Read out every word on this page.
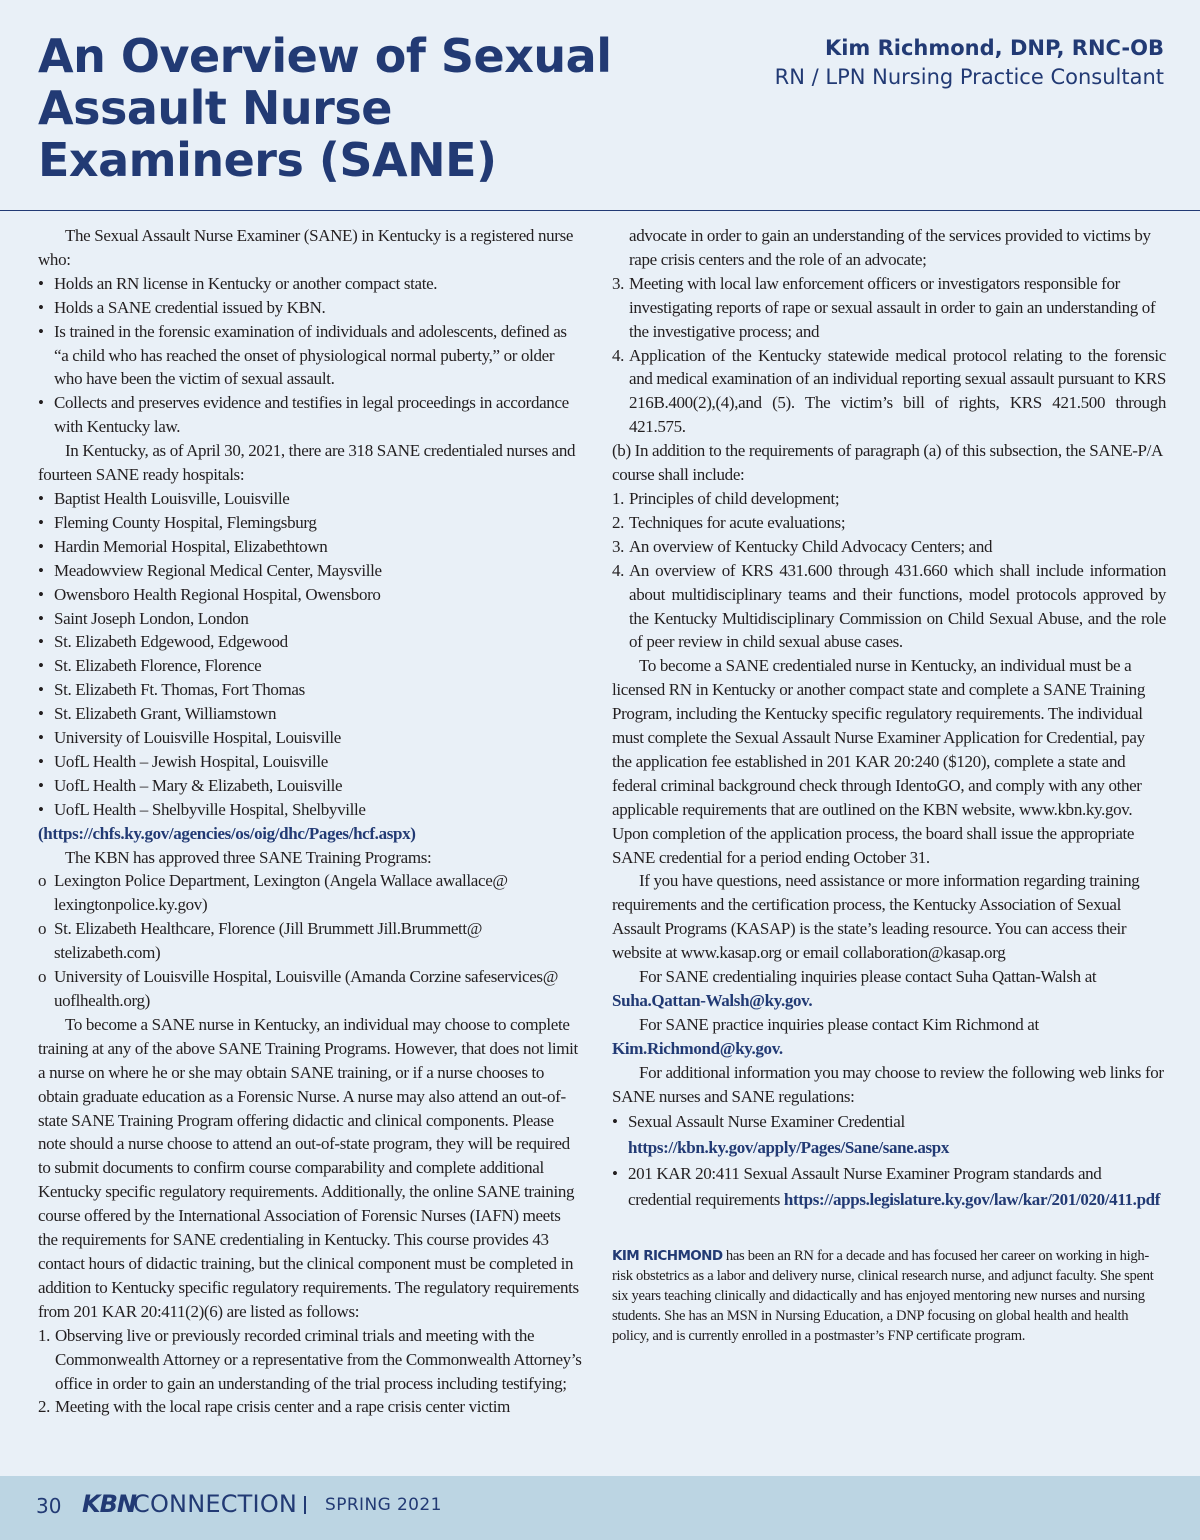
An Overview of Sexual Assault Nurse Examiners (SANE)
Kim Richmond, DNP, RNC-OB
RN / LPN Nursing Practice Consultant

The Sexual Assault Nurse Examiner (SANE) in Kentucky is a registered nurse who:

• Holds an RN license in Kentucky or another compact state.
• Holds a SANE credential issued by KBN.
• Is trained in the forensic examination of individuals and adolescents, defined as “a child who has reached the onset of physiological normal puberty,” or older who have been the victim of sexual assault.
• Collects and preserves evidence and testifies in legal proceedings in accordance with Kentucky law.

In Kentucky, as of April 30, 2021, there are 318 SANE credentialed nurses and fourteen SANE ready hospitals:

• Baptist Health Louisville, Louisville
• Fleming County Hospital, Flemingsburg
• Hardin Memorial Hospital, Elizabethtown
• Meadowview Regional Medical Center, Maysville
• Owensboro Health Regional Hospital, Owensboro
• Saint Joseph London, London
• St. Elizabeth Edgewood, Edgewood
• St. Elizabeth Florence, Florence
• St. Elizabeth Ft. Thomas, Fort Thomas
• St. Elizabeth Grant, Williamstown
• University of Louisville Hospital, Louisville
• UofL Health – Jewish Hospital, Louisville
• UofL Health – Mary & Elizabeth, Louisville
• UofL Health – Shelbyville Hospital, Shelbyville

(https://chfs.ky.gov/agencies/os/oig/dhc/Pages/hcf.aspx)

The KBN has approved three SANE Training Programs:

o Lexington Police Department, Lexington (Angela Wallace awallace@ lexingtonpolice.ky.gov)
o St. Elizabeth Healthcare, Florence (Jill Brummett Jill.Brummett@ stelizabeth.com)
o University of Louisville Hospital, Louisville (Amanda Corzine safeservices@ uoflhealth.org)

To become a SANE nurse in Kentucky, an individual may choose to complete training at any of the above SANE Training Programs. However, that does not limit a nurse on where he or she may obtain SANE training, or if a nurse chooses to obtain graduate education as a Forensic Nurse. A nurse may also attend an out-of-state SANE Training Program offering didactic and clinical components. Please note should a nurse choose to attend an out-of-state program, they will be required to submit documents to confirm course comparability and complete additional Kentucky specific regulatory requirements. Additionally, the online SANE training course offered by the International Association of Forensic Nurses (IAFN) meets the requirements for SANE credentialing in Kentucky. This course provides 43 contact hours of didactic training, but the clinical component must be completed in addition to Kentucky specific regulatory requirements. The regulatory requirements from 201 KAR 20:411(2)(6) are listed as follows:

1. Observing live or previously recorded criminal trials and meeting with the Commonwealth Attorney or a representative from the Commonwealth Attorney’s office in order to gain an understanding of the trial process including testifying;
2. Meeting with the local rape crisis center and a rape crisis center victim
advocate in order to gain an understanding of the services provided to victims by rape crisis centers and the role of an advocate;
3. Meeting with local law enforcement officers or investigators responsible for investigating reports of rape or sexual assault in order to gain an understanding of the investigative process; and
4. Application of the Kentucky statewide medical protocol relating to the forensic and medical examination of an individual reporting sexual assault pursuant to KRS 216B.400(2),(4),and (5). The victim’s bill of rights, KRS 421.500 through 421.575.

(b) In addition to the requirements of paragraph (a) of this subsection, the SANE-P/A course shall include:

1. Principles of child development;
2. Techniques for acute evaluations;
3. An overview of Kentucky Child Advocacy Centers; and
4. An overview of KRS 431.600 through 431.660 which shall include information about multidisciplinary teams and their functions, model protocols approved by the Kentucky Multidisciplinary Commission on Child Sexual Abuse, and the role of peer review in child sexual abuse cases.

To become a SANE credentialed nurse in Kentucky, an individual must be a licensed RN in Kentucky or another compact state and complete a SANE Training Program, including the Kentucky specific regulatory requirements. The individual must complete the Sexual Assault Nurse Examiner Application for Credential, pay the application fee established in 201 KAR 20:240 ($120), complete a state and federal criminal background check through IdentoGO, and comply with any other applicable requirements that are outlined on the KBN website, www.kbn.ky.gov. Upon completion of the application process, the board shall issue the appropriate SANE credential for a period ending October 31.

If you have questions, need assistance or more information regarding training requirements and the certification process, the Kentucky Association of Sexual Assault Programs (KASAP) is the state’s leading resource. You can access their website at www.kasap.org or email collaboration@kasap.org

For SANE credentialing inquiries please contact Suha Qattan-Walsh at

Suha.Qattan-Walsh@ky.gov.

For SANE practice inquiries please contact Kim Richmond at

Kim.Richmond@ky.gov.

For additional information you may choose to review the following web links for SANE nurses and SANE regulations:

• Sexual Assault Nurse Examiner Credential
https://kbn.ky.gov/apply/Pages/Sane/sane.aspx
• 201 KAR 20:411 Sexual Assault Nurse Examiner Program standards and credential requirements https://apps.legislature.ky.gov/law/kar/201/020/411.pdf

KIM RICHMOND has been an RN for a decade and has focused her career on working in high-risk obstetrics as a labor and delivery nurse, clinical research nurse, and adjunct faculty. She spent six years teaching clinically and didactically and has enjoyed mentoring new nurses and nursing students. She has an MSN in Nursing Education, a DNP focusing on global health and health policy, and is currently enrolled in a postmaster’s FNP certificate program.

30 KBN
CONNECTION SPRING 2021
